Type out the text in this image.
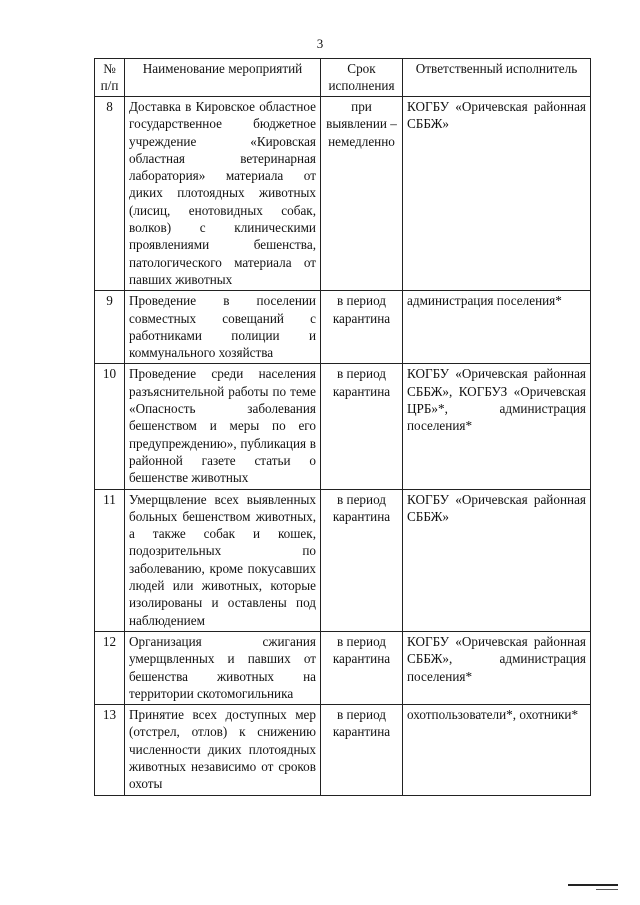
3
№ п/п	Наименование мероприятий	Срок исполнения	Ответственный исполнитель
8	Доставка в Кировское областное государственное бюджетное учреждение «Кировская областная ветеринарная лаборатория» материала от диких плотоядных животных (лисиц, енотовидных собак, волков) с клиническими проявлениями бешенства, патологического материала от павших животных	при выявлении – немедленно	КОГБУ «Оричевская районная СББЖ»
9	Проведение в поселении совместных совещаний с работниками полиции и коммунального хозяйства	в период карантина	администрация поселения*
10	Проведение среди населения разъяснительной работы по теме «Опасность заболевания бешенством и меры по его предупреждению», публикация в районной газете статьи о бешенстве животных	в период карантина	КОГБУ «Оричевская районная СББЖ», КОГБУЗ «Оричевская ЦРБ»*, администрация поселения*
11	Умерщвление всех выявленных больных бешенством животных, а также собак и кошек, подозрительных по заболеванию, кроме покусавших людей или животных, которые изолированы и оставлены под наблюдением	в период карантина	КОГБУ «Оричевская районная СББЖ»
12	Организация сжигания умерщвленных и павших от бешенства животных на территории скотомогильника	в период карантина	КОГБУ «Оричевская районная СББЖ», администрация поселения*
13	Принятие всех доступных мер (отстрел, отлов) к снижению численности диких плотоядных животных независимо от сроков охоты	в период карантина	охотпользователи*, охотники*
